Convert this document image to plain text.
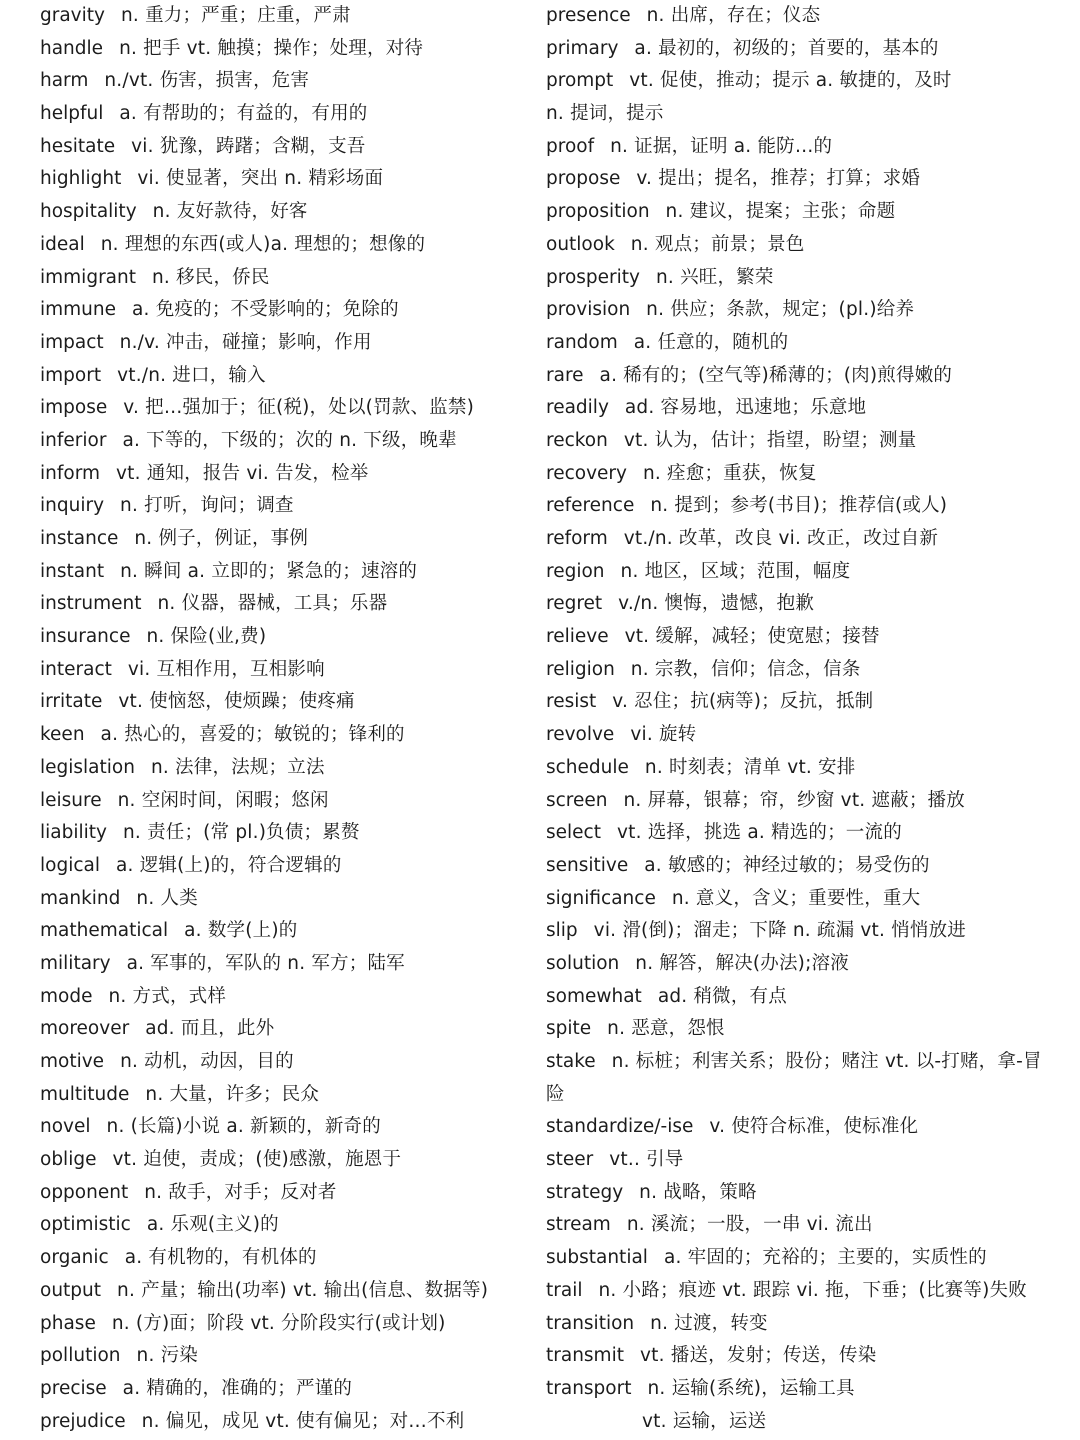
gravity n. 重力；严重；庄重，严肃
handle n. 把手 vt. 触摸；操作；处理，对待
harm n./vt. 伤害，损害，危害
helpful a. 有帮助的；有益的，有用的
hesitate vi. 犹豫，踌躇；含糊，支吾
highlight vi. 使显著，突出 n. 精彩场面
hospitality n. 友好款待，好客
ideal n. 理想的东西(或人)a. 理想的；想像的
immigrant n. 移民，侨民
immune a. 免疫的；不受影响的；免除的
impact n./v. 冲击，碰撞；影响，作用
import vt./n. 进口，输入
impose v. 把…强加于；征(税)，处以(罚款、监禁)
inferior a. 下等的，下级的；次的 n. 下级，晚辈
inform vt. 通知，报告 vi. 告发，检举
inquiry n. 打听，询问；调查
instance n. 例子，例证，事例
instant n. 瞬间 a. 立即的；紧急的；速溶的
instrument n. 仪器，器械，工具；乐器
insurance n. 保险(业,费)
interact vi. 互相作用，互相影响
irritate vt. 使恼怒，使烦躁；使疼痛
keen a. 热心的，喜爱的；敏锐的；锋利的
legislation n. 法律，法规；立法
leisure n. 空闲时间，闲暇；悠闲
liability n. 责任；(常 pl.)负债；累赘
logical a. 逻辑(上)的，符合逻辑的
mankind n. 人类
mathematical a. 数学(上)的
military a. 军事的，军队的 n. 军方；陆军
mode n. 方式，式样
moreover ad. 而且，此外
motive n. 动机，动因，目的
multitude n. 大量，许多；民众
novel n. (长篇)小说 a. 新颖的，新奇的
oblige vt. 迫使，责成；(使)感激，施恩于
opponent n. 敌手，对手；反对者
optimistic a. 乐观(主义)的
organic a. 有机物的，有机体的
output n. 产量；输出(功率) vt. 输出(信息、数据等)
phase n. (方)面；阶段 vt. 分阶段实行(或计划)
pollution n. 污染
precise a. 精确的，准确的；严谨的
prejudice n. 偏见，成见 vt. 使有偏见；对…不利
presence n. 出席，存在；仪态
primary a. 最初的，初级的；首要的，基本的
prompt vt. 促使，推动；提示 a. 敏捷的，及时
n. 提词，提示
proof n. 证据，证明 a. 能防…的
propose v. 提出；提名，推荐；打算；求婚
proposition n. 建议，提案；主张；命题
outlook n. 观点；前景；景色
prosperity n. 兴旺，繁荣
provision n. 供应；条款，规定；(pl.)给养
random a. 任意的，随机的
rare a. 稀有的；(空气等)稀薄的；(肉)煎得嫩的
readily ad. 容易地，迅速地；乐意地
reckon vt. 认为，估计；指望，盼望；测量
recovery n. 痊愈；重获，恢复
reference n. 提到；参考(书目)；推荐信(或人)
reform vt./n. 改革，改良 vi. 改正，改过自新
region n. 地区，区域；范围，幅度
regret v./n. 懊悔，遗憾，抱歉
relieve vt. 缓解，减轻；使宽慰；接替
religion n. 宗教，信仰；信念，信条
resist v. 忍住；抗(病等)；反抗，抵制
revolve vi. 旋转
schedule n. 时刻表；清单 vt. 安排
screen n. 屏幕，银幕；帘，纱窗 vt. 遮蔽；播放
select vt. 选择，挑选 a. 精选的；一流的
sensitive a. 敏感的；神经过敏的；易受伤的
significance n. 意义，含义；重要性，重大
slip vi. 滑(倒)；溜走；下降 n. 疏漏 vt. 悄悄放进
solution n. 解答，解决(办法);溶液
somewhat ad. 稍微，有点
spite n. 恶意，怨恨
stake n. 标桩；利害关系；股份；赌注 vt. 以-打赌，拿-冒
险
standardize/-ise v. 使符合标准，使标准化
steer vt.. 引导
strategy n. 战略，策略
stream n. 溪流；一股，一串 vi. 流出
substantial a. 牢固的；充裕的；主要的，实质性的
trail n. 小路；痕迹 vt. 跟踪 vi. 拖，下垂；(比赛等)失败
transition n. 过渡，转变
transmit vt. 播送，发射；传送，传染
transport n. 运输(系统)，运输工具
vt. 运输，运送
